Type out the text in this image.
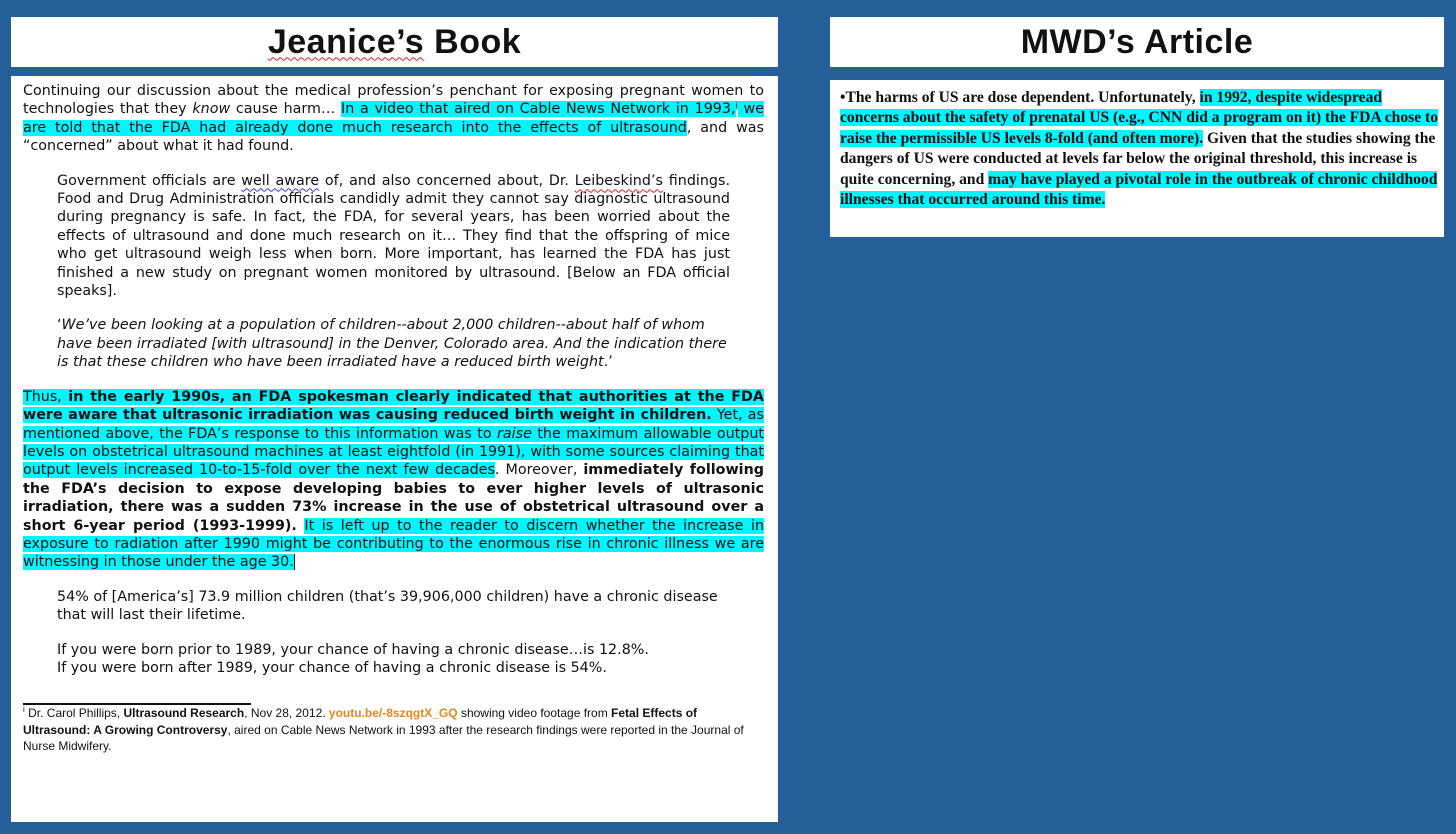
Jeanice’s Book	MWD’s Article

Continuing our discussion about the medical profession’s penchant for exposing pregnant women to technologies that they know cause harm… In a video that aired on Cable News Network in 1993,$^i$ we are told that the FDA had already done much research into the effects of ultrasound, and was “concerned” about what it had found.

Government officials are well aware of, and also concerned about, Dr. Leibeskind’s findings. Food and Drug Administration officials candidly admit they cannot say diagnostic ultrasound during pregnancy is safe. In fact, the FDA, for several years, has been worried about the effects of ultrasound and done much research on it… They find that the offspring of mice who get ultrasound weigh less when born. More important, has learned the FDA has just finished a new study on pregnant women monitored by ultrasound. [Below an FDA official speaks].

‘We’ve been looking at a population of children--about 2,000 children--about half of whom have been irradiated [with ultrasound] in the Denver, Colorado area. And the indication there is that these children who have been irradiated have a reduced birth weight.’

Thus, in the early 1990s, an FDA spokesman clearly indicated that authorities at the FDA were aware that ultrasonic irradiation was causing reduced birth weight in children. Yet, as mentioned above, the FDA’s response to this information was to raise the maximum allowable output levels on obstetrical ultrasound machines at least eightfold (in 1991), with some sources claiming that output levels increased 10-to-15-fold over the next few decades. Moreover, immediately following the FDA’s decision to expose developing babies to ever higher levels of ultrasonic irradiation, there was a sudden 73% increase in the use of obstetrical ultrasound over a short 6-year period (1993-1999). It is left up to the reader to discern whether the increase in exposure to radiation after 1990 might be contributing to the enormous rise in chronic illness we are witnessing in those under the age 30.

54% of [America’s] 73.9 million children (that’s 39,906,000 children) have a chronic disease that will last their lifetime.

If you were born prior to 1989, your chance of having a chronic disease…is 12.8%.
If you were born after 1989, your chance of having a chronic disease is 54%.

$^i$ Dr. Carol Phillips, Ultrasound Research, Nov 28, 2012. youtu.be/-8szqgtX_GQ showing video footage from Fetal Effects of Ultrasound: A Growing Controversy, aired on Cable News Network in 1993 after the research findings were reported in the Journal of Nurse Midwifery.

•The harms of US are dose dependent. Unfortunately, in 1992, despite widespread concerns about the safety of prenatal US (e.g., CNN did a program on it) the FDA chose to raise the permissible US levels 8-fold (and often more). Given that the studies showing the dangers of US were conducted at levels far below the original threshold, this increase is quite concerning, and may have played a pivotal role in the outbreak of chronic childhood illnesses that occurred around this time.
